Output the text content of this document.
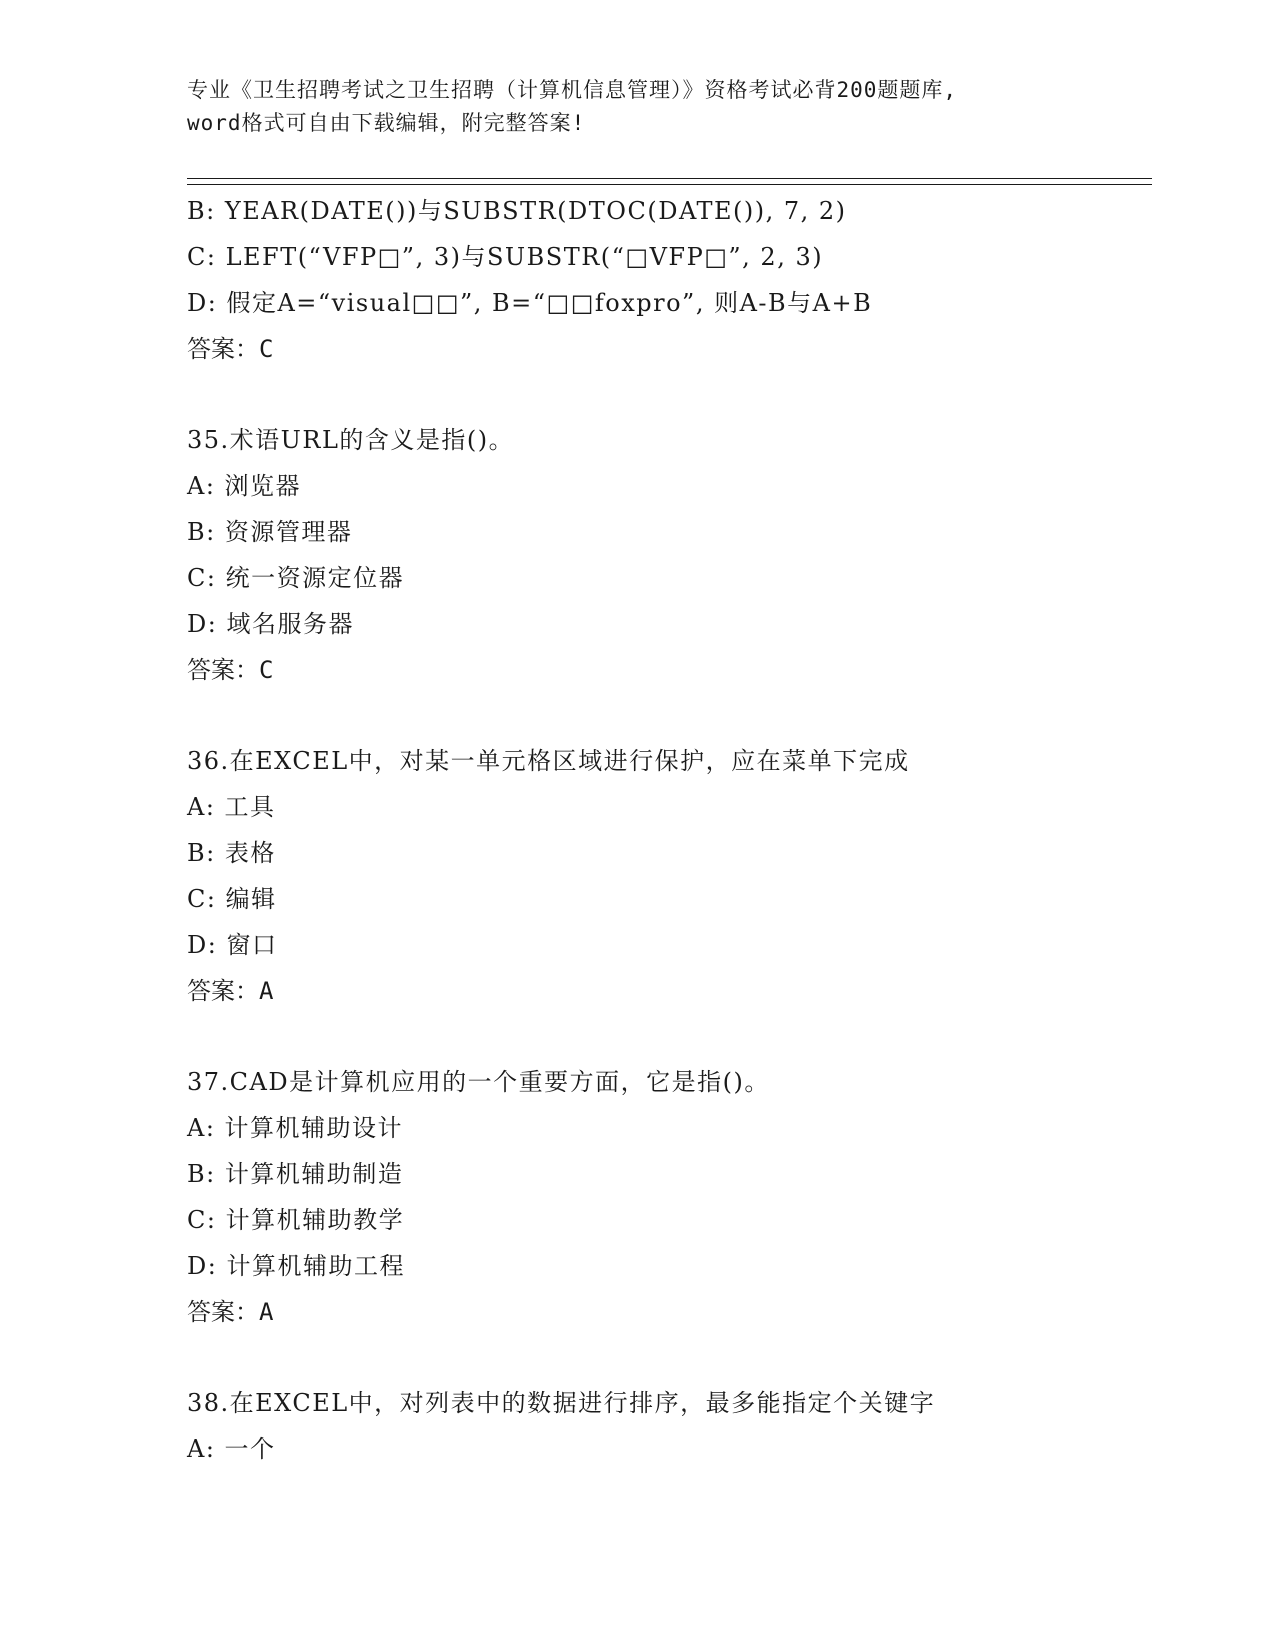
专业《卫生招聘考试之卫生招聘（计算机信息管理）》资格考试必背200题题库,
word格式可自由下载编辑，附完整答案!
B: YEAR(DATE())与SUBSTR(DTOC(DATE()), 7, 2)
C: LEFT(“VFP□”, 3)与SUBSTR(“□VFP□”, 2, 3)
D: 假定A=“visual□□”, B=“□□foxpro”, 则A-B与A+B
答案：C
35.术语URL的含义是指()。
A: 浏览器
B: 资源管理器
C: 统一资源定位器
D: 域名服务器
答案：C
36.在EXCEL中，对某一单元格区域进行保护，应在菜单下完成
A: 工具
B: 表格
C: 编辑
D: 窗口
答案：A
37.CAD是计算机应用的一个重要方面，它是指()。
A: 计算机辅助设计
B: 计算机辅助制造
C: 计算机辅助教学
D: 计算机辅助工程
答案：A
38.在EXCEL中，对列表中的数据进行排序，最多能指定个关键字
A: 一个
